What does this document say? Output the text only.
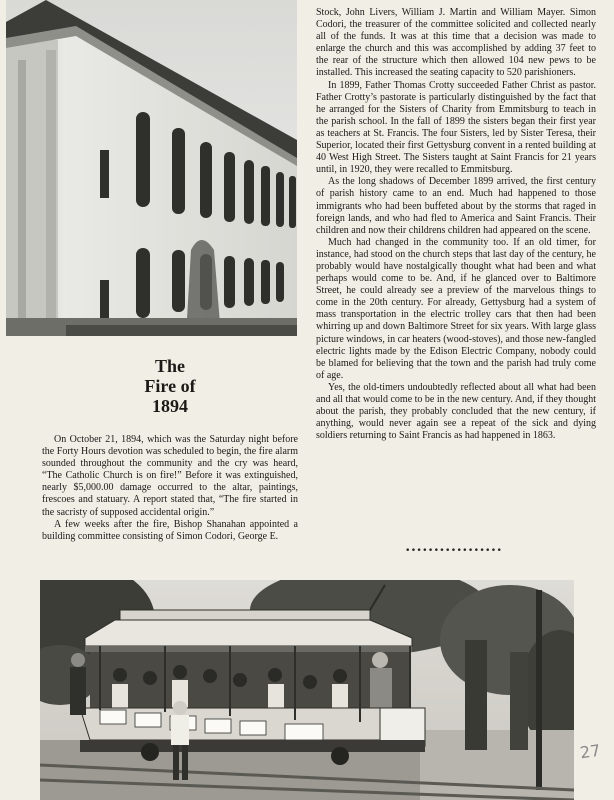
The
Fire of
1894

On October 21, 1894, which was the Saturday night before the Forty Hours devotion was scheduled to begin, the fire alarm sounded throughout the community and the cry was heard, “The Catholic Church is on fire!” Before it was extinguished, nearly $5,000.00 damage occurred to the altar, paintings, frescoes and statuary. A report stated that, “The fire started in the sacristy of supposed accidental origin.”

A few weeks after the fire, Bishop Shanahan appointed a building committee consisting of Simon Codori, George E.

Stock, John Livers, William J. Martin and William Mayer. Simon Codori, the treasurer of the committee solicited and collected nearly all of the funds. It was at this time that a decision was made to enlarge the church and this was accomplished by adding 37 feet to the rear of the structure which then allowed 104 new pews to be installed. This increased the seating capacity to 520 parishioners.

In 1899, Father Thomas Crotty succeeded Father Christ as pastor. Father Crotty’s pastorate is particularly distinguished by the fact that he arranged for the Sisters of Charity from Emmitsburg to teach in the parish school. In the fall of 1899 the sisters began their first year as teachers at St. Francis. The four Sisters, led by Sister Teresa, their Superior, located their first Gettysburg convent in a rented building at 40 West High Street. The Sisters taught at Saint Francis for 21 years until, in 1920, they were recalled to Emmitsburg.

As the long shadows of December 1899 arrived, the first century of parish history came to an end. Much had happened to those immigrants who had been buffeted about by the storms that raged in foreign lands, and who had fled to America and Saint Francis. Their children and now their childrens children had appeared on the scene.

Much had changed in the community too. If an old timer, for instance, had stood on the church steps that last day of the century, he probably would have nostalgically thought what had been and what perhaps would come to be. And, if he glanced over to Baltimore Street, he could already see a preview of the marvelous things to come in the 20th century. For already, Gettysburg had a system of mass transportation in the electric trolley cars that then had been whirring up and down Baltimore Street for six years. With large glass picture windows, in car heaters (wood-stoves), and those new-fangled electric lights made by the Edison Electric Company, nobody could be blamed for believing that the town and the parish had truly come of age.

Yes, the old-timers undoubtedly reflected about all what had been and all that would come to be in the new century. And, if they thought about the parish, they probably concluded that the new century, if anything, would never again see a repeat of the sick and dying soldiers returning to Saint Francis as had happened in 1863.

•••••••••••••••••
27
